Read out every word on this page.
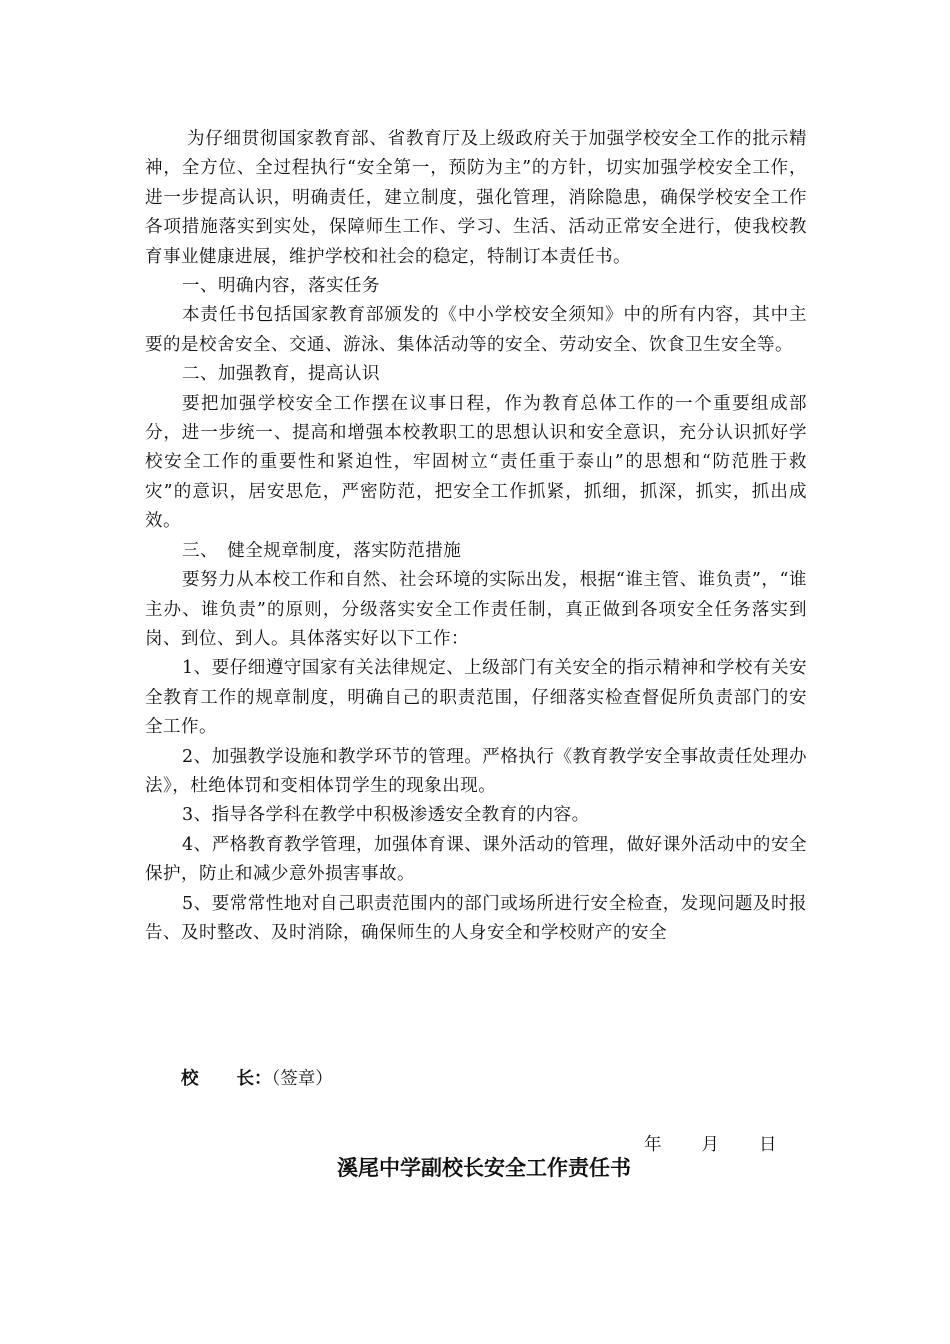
为仔细贯彻国家教育部、省教育厅及上级政府关于加强学校安全工作的批示精神，全方位、全过程执行“安全第一，预防为主”的方针，切实加强学校安全工作，进一步提高认识，明确责任，建立制度，强化管理，消除隐患，确保学校安全工作各项措施落实到实处，保障师生工作、学习、生活、活动正常安全进行，使我校教育事业健康进展，维护学校和社会的稳定，特制订本责任书。

一、明确内容，落实任务

本责任书包括国家教育部颁发的《中小学校安全须知》中的所有内容，其中主要的是校舍安全、交通、游泳、集体活动等的安全、劳动安全、饮食卫生安全等。

二、加强教育，提高认识

要把加强学校安全工作摆在议事日程，作为教育总体工作的一个重要组成部分，进一步统一、提高和增强本校教职工的思想认识和安全意识，充分认识抓好学校安全工作的重要性和紧迫性，牢固树立“责任重于泰山”的思想和“防范胜于救灾”的意识，居安思危，严密防范，把安全工作抓紧，抓细，抓深，抓实，抓出成效。

三、　健全规章制度，落实防范措施

要努力从本校工作和自然、社会环境的实际出发，根据“谁主管、谁负责”，“谁主办、谁负责”的原则，分级落实安全工作责任制，真正做到各项安全任务落实到岗、到位、到人。具体落实好以下工作：

1、要仔细遵守国家有关法律规定、上级部门有关安全的指示精神和学校有关安全教育工作的规章制度，明确自己的职责范围，仔细落实检查督促所负责部门的安全工作。

2、加强教学设施和教学环节的管理。严格执行《教育教学安全事故责任处理办法》，杜绝体罚和变相体罚学生的现象出现。

3、指导各学科在教学中积极渗透安全教育的内容。

4、严格教育教学管理，加强体育课、课外活动的管理，做好课外活动中的安全保护，防止和减少意外损害事故。

5、要常常性地对自己职责范围内的部门或场所进行安全检查，发现问题及时报告、及时整改、及时消除，确保师生的人身安全和学校财产的安全

校 长：（签章）
年 月 日
溪尾中学副校长安全工作责任书
